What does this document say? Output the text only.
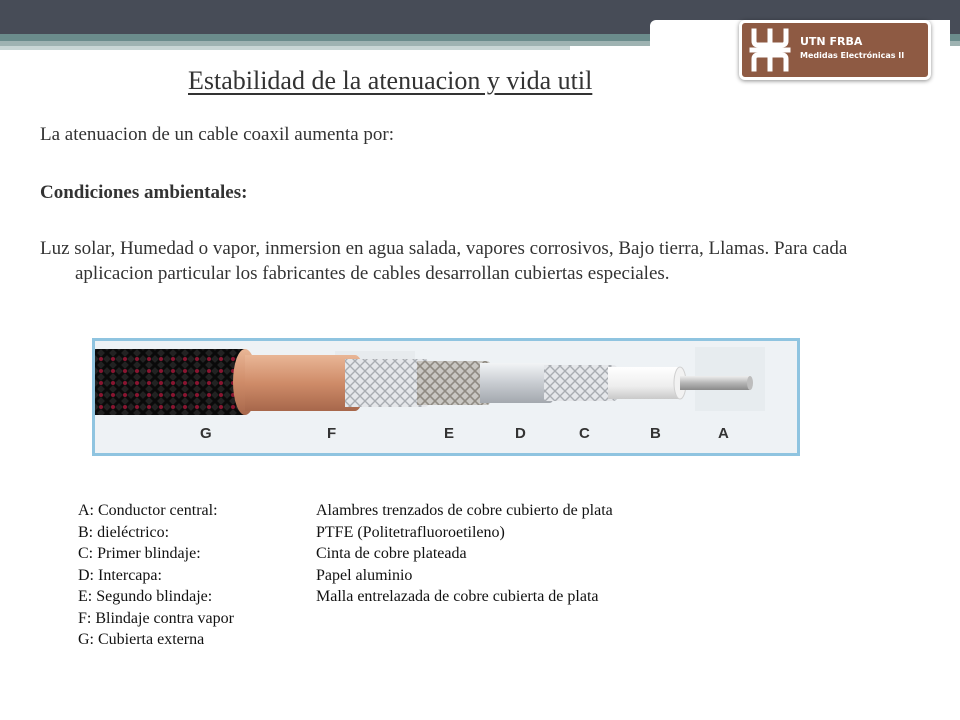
UTN FRBA
Medidas Electrónicas II
Estabilidad de la atenuacion y vida util
La atenuacion de un cable coaxil aumenta por:
Condiciones ambientales:

Luz solar, Humedad o vapor, inmersion en agua salada, vapores corrosivos, Bajo tierra, Llamas. Para cada aplicacion particular los fabricantes de cables desarrollan cubiertas especiales.

G	F	E	D	C	B	A
A: Conductor central:	Alambres trenzados de cobre cubierto de plata
B: dieléctrico:	PTFE (Politetrafluoroetileno)
C: Primer blindaje:	Cinta de cobre plateada
D: Intercapa:	Papel aluminio
E: Segundo blindaje:	Malla entrelazada de cobre cubierta de plata
F: Blindaje contra vapor
G: Cubierta externa
